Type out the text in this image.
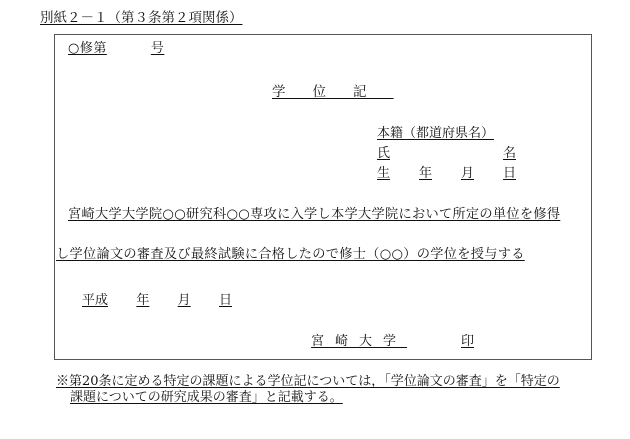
別紙２－１（第３条第２項関係）
○修第	号
学位記
本籍（都道府県名）
氏	名
生 年 月 日
宮崎大学大学院○○研究科○○専攻に入学し本学大学院において所定の単位を修得
し学位論文の審査及び最終試験に合格したので修士（○○）の学位を授与する
平成 年 月 日
宮崎大学	印
※第20条に定める特定の課題による学位記については，「学位論文の審査」を「特定の
課題についての研究成果の審査」と記載する。
